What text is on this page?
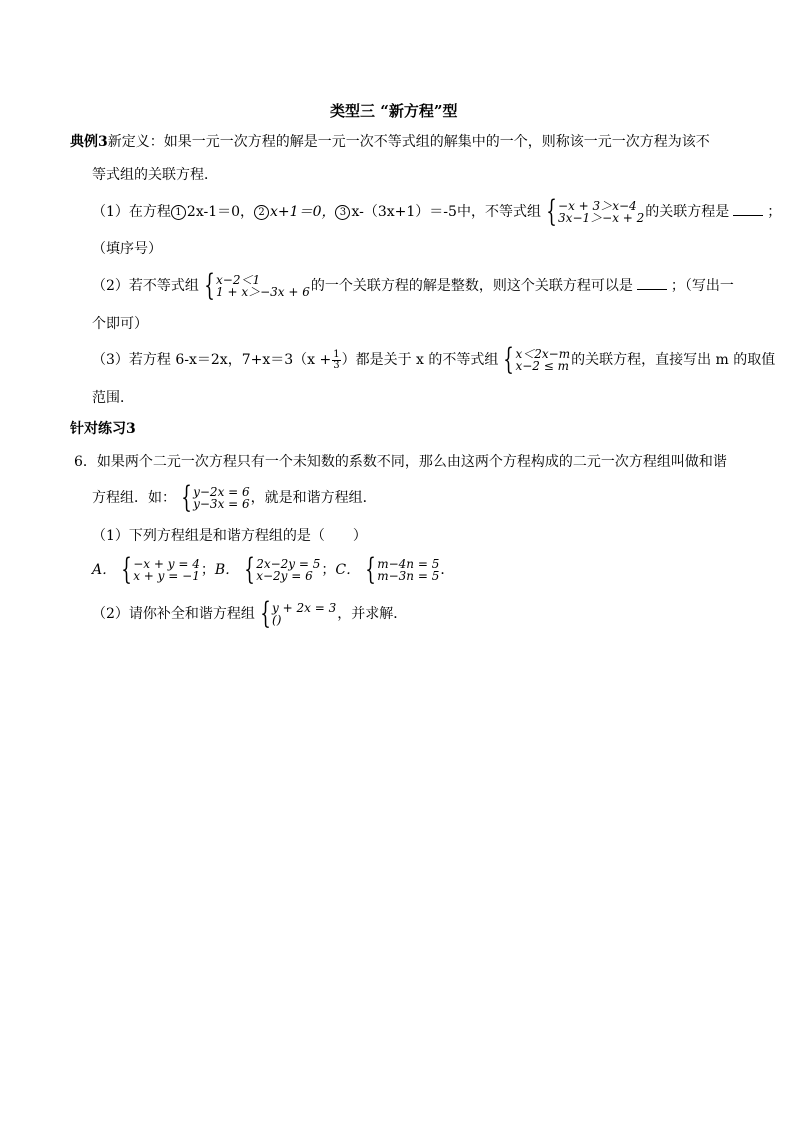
类型三 “新方程”型
典例3新定义：如果一元一次方程的解是一元一次不等式组的解集中的一个，则称该一元一次方程为该不
等式组的关联方程．
（1）在方程 1 2x-1＝0， 2 x+1＝0， 3 x-（3x+1）＝-5中，不等式组 { −x + 3＞x−4
3x−1＞−x + 2 的关联方程是	；
（填序号）
（2）若不等式组 { x−2＜1
1 + x＞−3x + 6 的一个关联方程的解是整数，则这个关联方程可以是	；（写出一
个即可）
（3）若方程 6-x＝2x，$7+x=3(x + \frac{1}{3}$ ）都是关于 x 的不等式组 { x＜2x−m
x−2 ≤ m 的关联方程，直接写出 m 的取值
范围．
针对练习3
6．如果两个二元一次方程只有一个未知数的系数不同，那么由这两个方程构成的二元一次方程组叫做和谐
方程组．如： { y−2x = 6
y−3x = 6 ，就是和谐方程组．
（1）下列方程组是和谐方程组的是（　　）
A． { −x + y = 4
x + y = −1 ；B． { 2x−2y = 5
x−2y = 6 ；C． { m−4n = 5
m−3n = 5 ．
（2）请你补全和谐方程组 { y + 2x = 3
()	，并求解．
